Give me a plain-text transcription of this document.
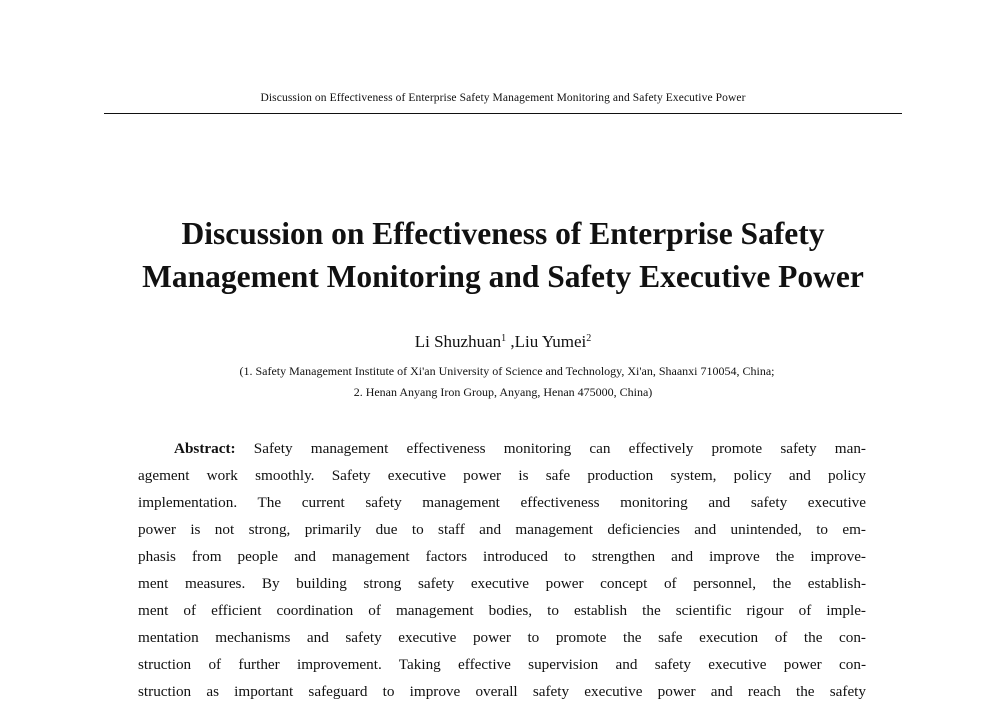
Discussion on Effectiveness of Enterprise Safety Management Monitoring and Safety Executive Power
Discussion on Effectiveness of Enterprise Safety
Management Monitoring and Safety Executive Power
Li Shuzhuan$^1$ ,Liu Yumei$^2$
(1. Safety Management Institute of Xi'an University of Science and Technology, Xi'an, Shaanxi 710054, China;
2. Henan Anyang Iron Group, Anyang, Henan 475000, China)
Abstract: Safety management effectiveness monitoring can effectively promote safety man-
agement work smoothly. Safety executive power is safe production system, policy and policy
implementation. The current safety management effectiveness monitoring and safety executive
power is not strong, primarily due to staff and management deficiencies and unintended, to em-
phasis from people and management factors introduced to strengthen and improve the improve-
ment measures. By building strong safety executive power concept of personnel, the establish-
ment of efficient coordination of management bodies, to establish the scientific rigour of imple-
mentation mechanisms and safety executive power to promote the safe execution of the con-
struction of further improvement. Taking effective supervision and safety executive power con-
struction as important safeguard to improve overall safety executive power and reach the safety
